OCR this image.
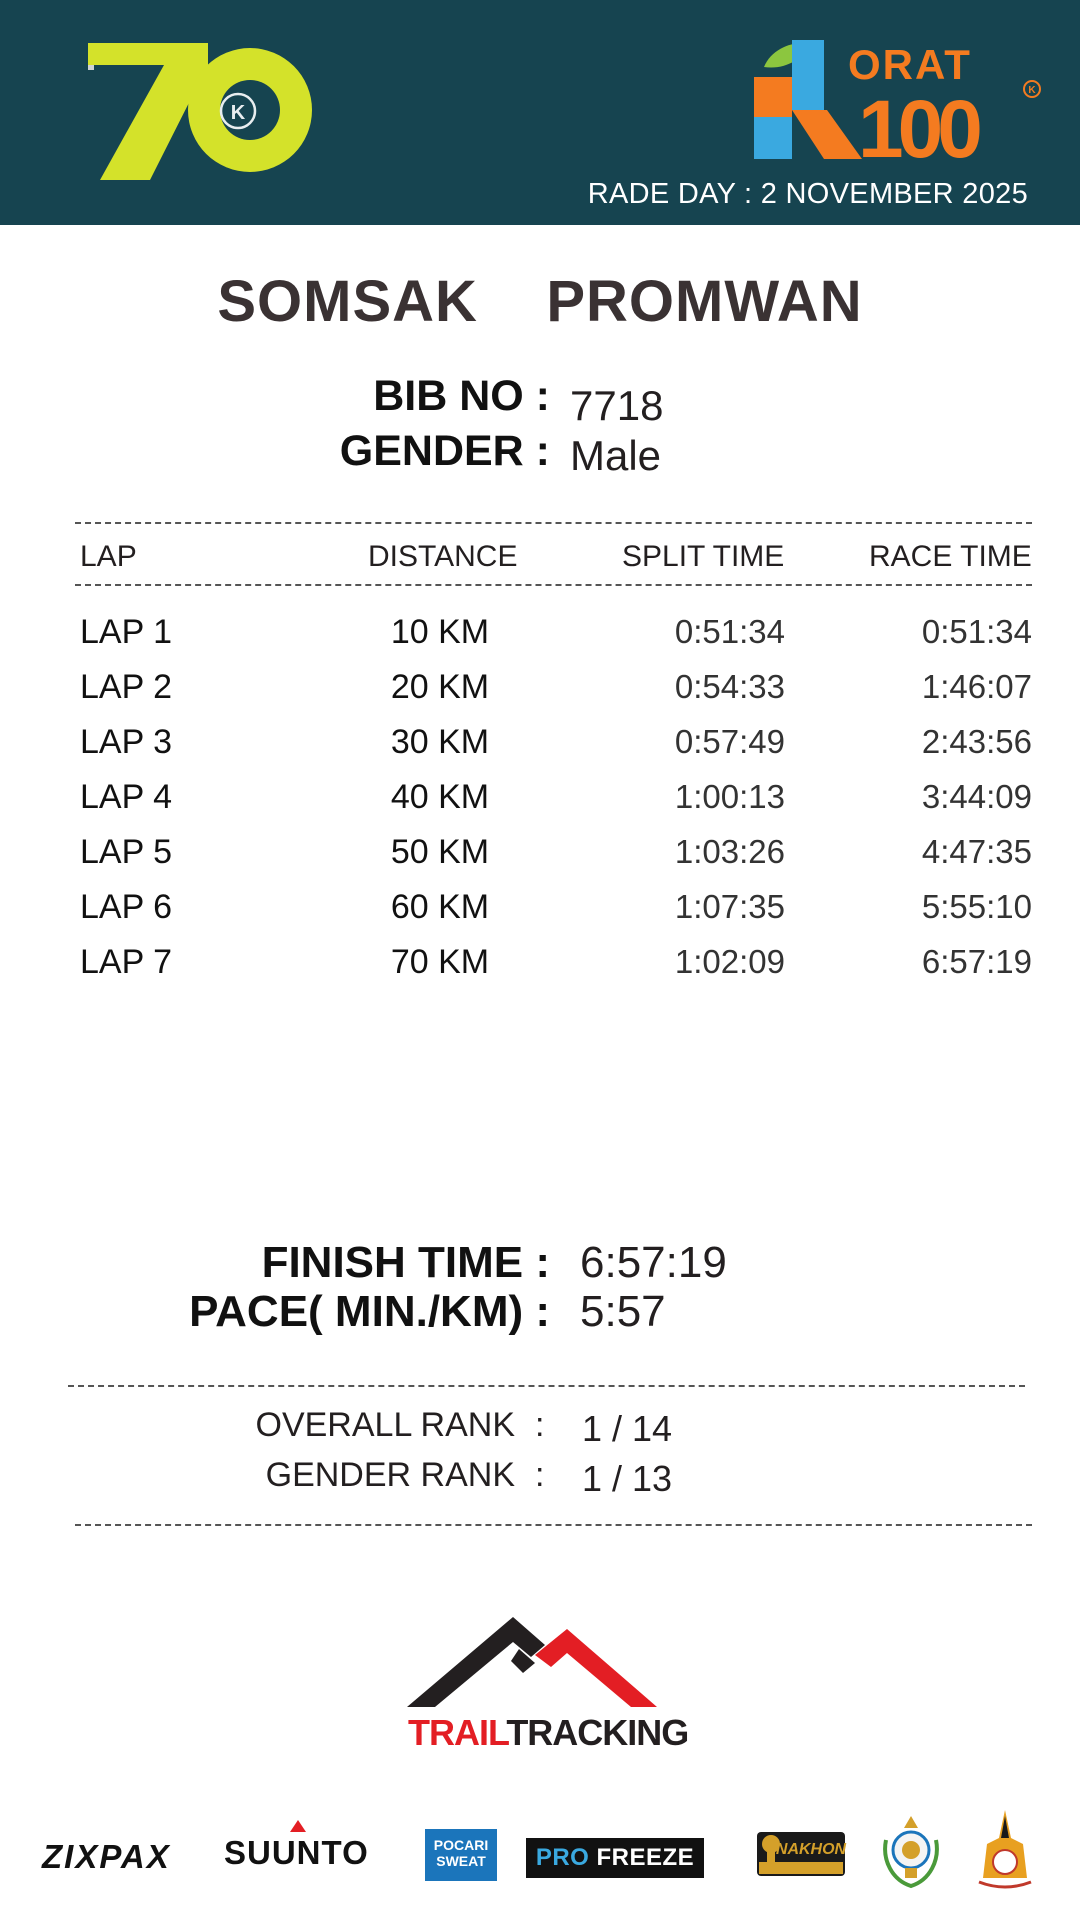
K
ORAT
100	K
RADE DAY : 2 NOVEMBER 2025
SOMSAK    PROMWAN
BIB NO : 7718
GENDER : Male
LAP	DISTANCE	SPLIT TIME	RACE TIME
LAP 1	10 KM	0:51:34	0:51:34
LAP 2	20 KM	0:54:33	1:46:07
LAP 3	30 KM	0:57:49	2:43:56
LAP 4	40 KM	1:00:13	3:44:09
LAP 5	50 KM	1:03:26	4:47:35
LAP 6	60 KM	1:07:35	5:55:10
LAP 7	70 KM	1:02:09	6:57:19
FINISH TIME : 6:57:19
PACE( MIN./KM) : 5:57
OVERALL RANK : 1 / 14
GENDER RANK : 1 / 13
TRAILTRACKING
ZIXPAX SUUNTO	POCARI SWEAT	PRO FREEZE	NAKHON
